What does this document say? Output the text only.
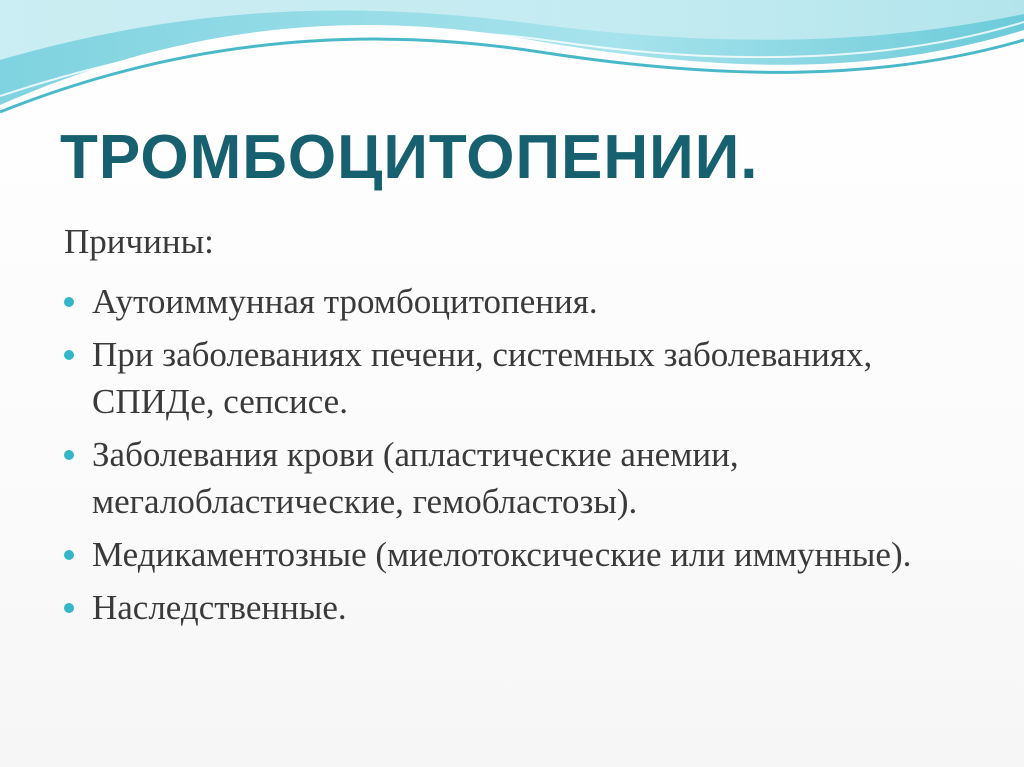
ТРОМБОЦИТОПЕНИИ.

Причины:

Аутоиммунная тромбоцитопения.
При заболеваниях печени, системных заболеваниях, СПИДе, сепсисе.
Заболевания крови (апластические анемии, мегалобластические, гемобластозы).
Медикаментозные (миелотоксические или иммунные).
Наследственные.
